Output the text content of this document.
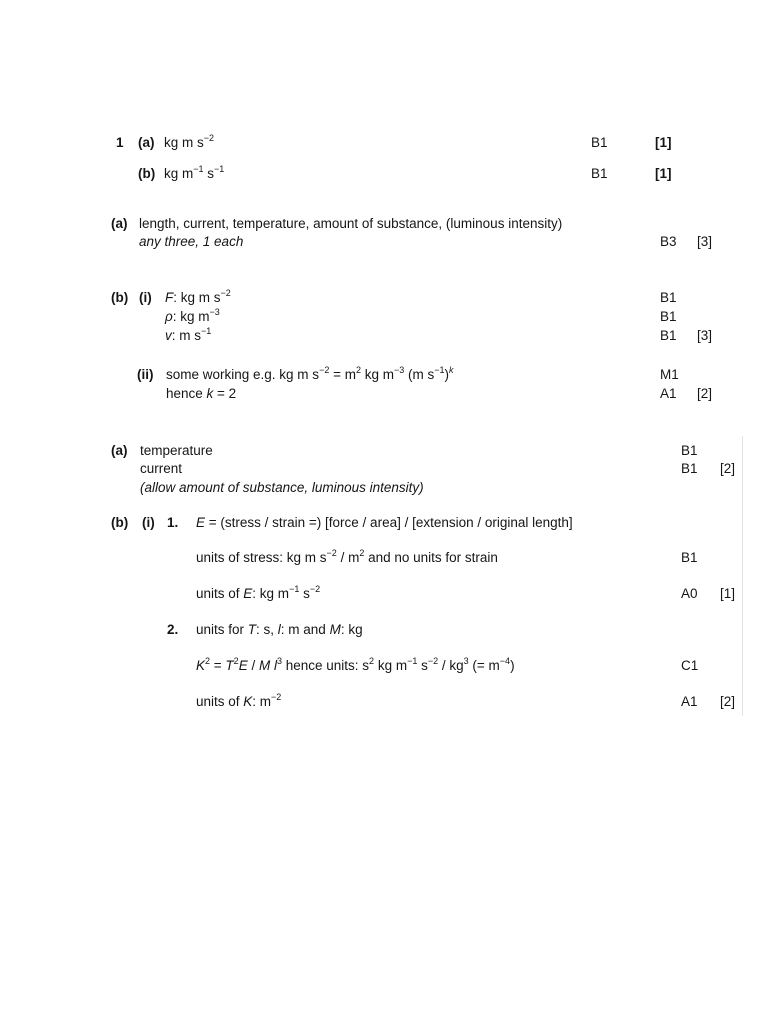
1 (a) kg m $s^{-2}$	B1	[1]
(b) kg $m^{-1}$ $s^{-1}$	B1	[1]
(a) length, current, temperature, amount of substance, (luminous intensity)
any three, 1 each	B3 [3]
(b) (i) F: kg m $s^{-2}$	B1
ρ: kg $m^{-3}$	B1
v: m $s^{-1}$	B1 [3]
(ii) some working e.g. kg m $s^{-2} = m^2$ kg $m^{-3}$ (m $s^{-1})^k$	M1
hence k = 2	A1 [2]
(a) temperature	B1
current	B1 [2]
(allow amount of substance, luminous intensity)
(b) (i) 1. E = (stress / strain =) [force / area] / [extension / original length]
units of stress: kg m $s^{-2} / m^2$ and no units for strain	B1
units of E: kg $m^{-1}$ $s^{-2}$	A0 [1]
2. units for T: s, l: m and M: kg
$K^2 = T^2E / M$ $l^3$ hence units: $s^2$ kg $m^{-1}$ $s^{-2} / kg^3$ (= $m^{-4}$)	C1
units of K: $m^{-2}$	A1 [2]
